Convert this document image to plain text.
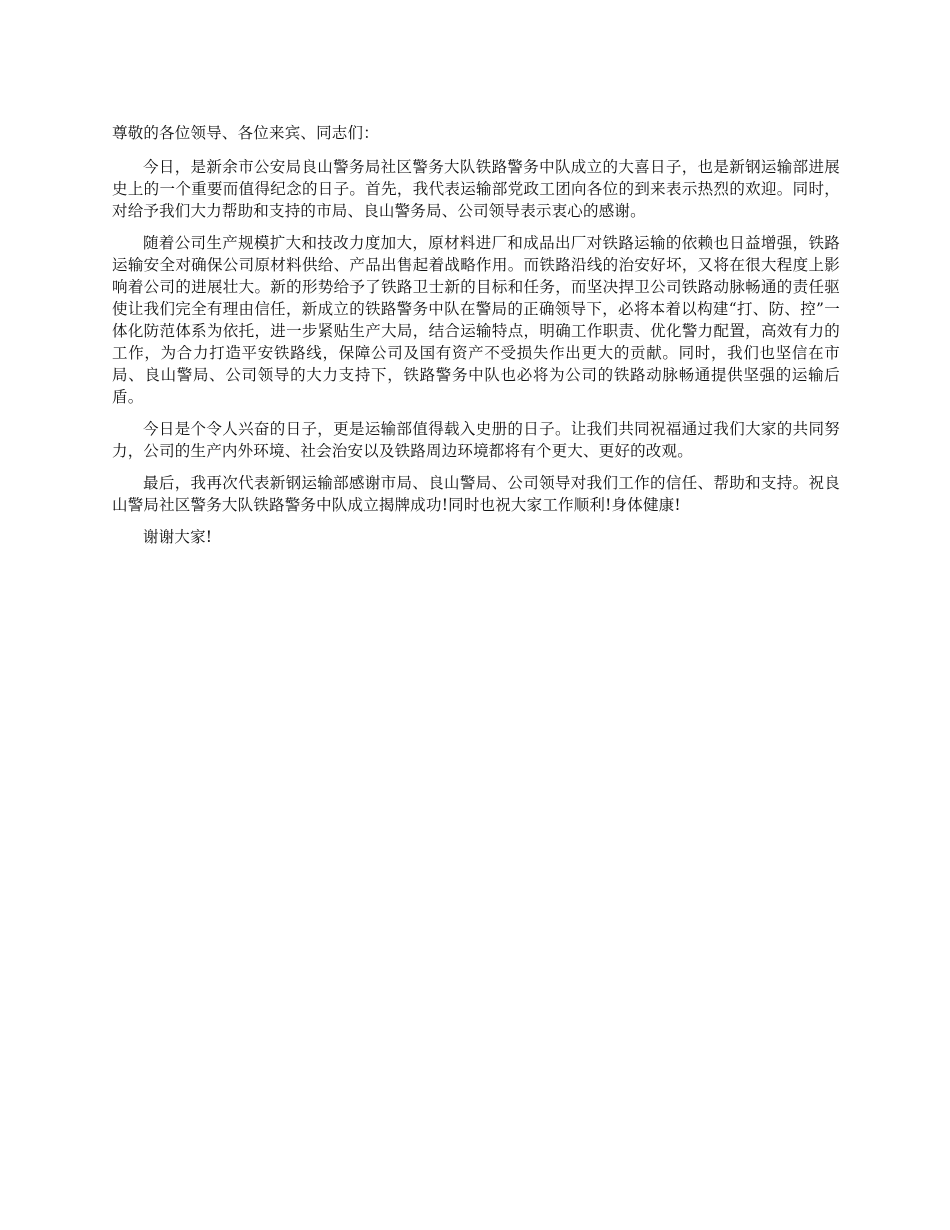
尊敬的各位领导、各位来宾、同志们：

今日，是新余市公安局良山警务局社区警务大队铁路警务中队成立的大喜日子，也是新钢运输部进展史上的一个重要而值得纪念的日子。首先，我代表运输部党政工团向各位的到来表示热烈的欢迎。同时，对给予我们大力帮助和支持的市局、良山警务局、公司领导表示衷心的感谢。

随着公司生产规模扩大和技改力度加大，原材料进厂和成品出厂对铁路运输的依赖也日益增强，铁路运输安全对确保公司原材料供给、产品出售起着战略作用。而铁路沿线的治安好坏，又将在很大程度上影响着公司的进展壮大。新的形势给予了铁路卫士新的目标和任务，而坚决捍卫公司铁路动脉畅通的责任驱使让我们完全有理由信任，新成立的铁路警务中队在警局的正确领导下，必将本着以构建“打、防、控”一体化防范体系为依托，进一步紧贴生产大局，结合运输特点，明确工作职责、优化警力配置，高效有力的工作，为合力打造平安铁路线，保障公司及国有资产不受损失作出更大的贡献。同时，我们也坚信在市局、良山警局、公司领导的大力支持下，铁路警务中队也必将为公司的铁路动脉畅通提供坚强的运输后盾。

今日是个令人兴奋的日子，更是运输部值得载入史册的日子。让我们共同祝福通过我们大家的共同努力，公司的生产内外环境、社会治安以及铁路周边环境都将有个更大、更好的改观。

最后，我再次代表新钢运输部感谢市局、良山警局、公司领导对我们工作的信任、帮助和支持。祝良山警局社区警务大队铁路警务中队成立揭牌成功!同时也祝大家工作顺利!身体健康!

谢谢大家!
